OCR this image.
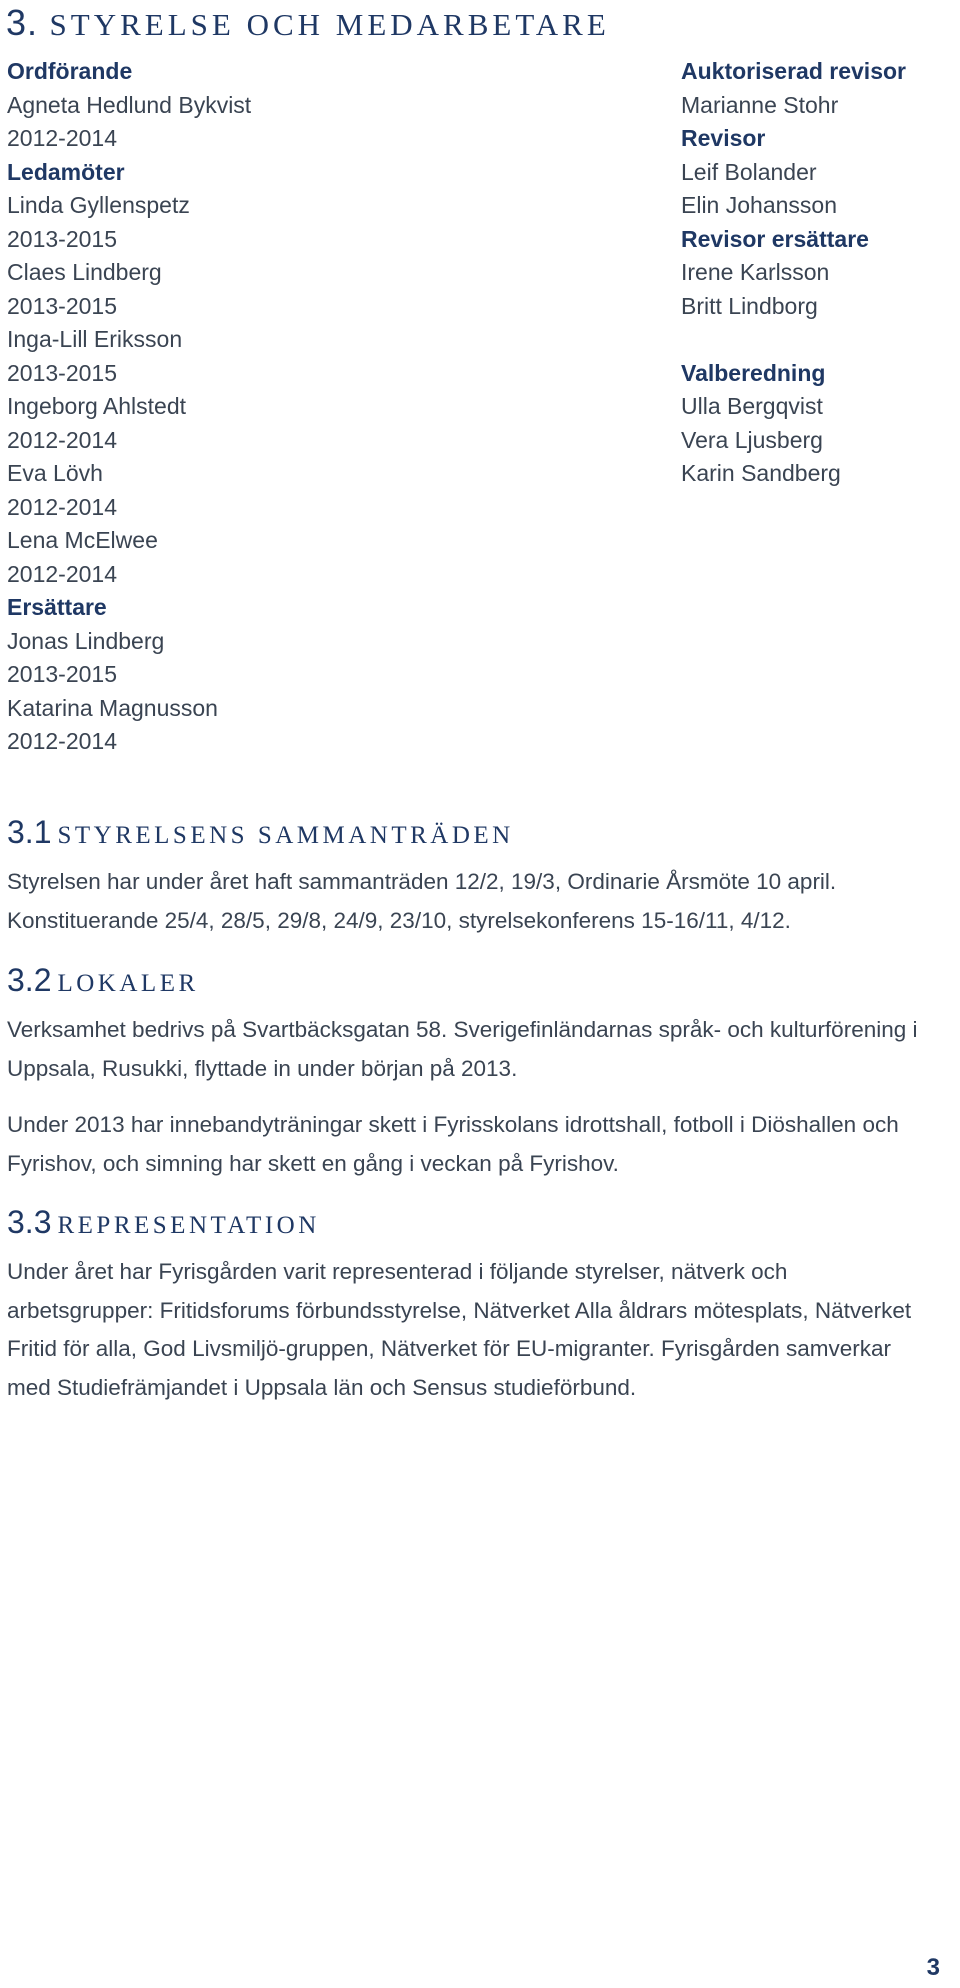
3. STYRELSE OCH MEDARBETARE
Ordförande
Agneta Hedlund Bykvist
2012-2014
Ledamöter
Linda Gyllenspetz
2013-2015
Claes Lindberg
2013-2015
Inga-Lill Eriksson
2013-2015
Ingeborg Ahlstedt
2012-2014
Eva Lövh
2012-2014
Lena McElwee
2012-2014
Ersättare
Jonas Lindberg
2013-2015
Katarina Magnusson
2012-2014
Auktoriserad revisor
Marianne Stohr
Revisor
Leif Bolander
Elin Johansson
Revisor ersättare
Irene Karlsson
Britt Lindborg
Valberedning
Ulla Bergqvist
Vera Ljusberg
Karin Sandberg
3.1 STYRELSENS SAMMANTRÄDEN

Styrelsen har under året haft sammanträden 12/2, 19/3, Ordinarie Årsmöte 10 april. Konstituerande 25/4, 28/5, 29/8, 24/9, 23/10, styrelsekonferens 15-16/11, 4/12.

3.2 LOKALER

Verksamhet bedrivs på Svartbäcksgatan 58. Sverigefinländarnas språk- och kulturförening i Uppsala, Rusukki, flyttade in under början på 2013.

Under 2013 har innebandyträningar skett i Fyrisskolans idrottshall, fotboll i Diöshallen och Fyrishov, och simning har skett en gång i veckan på Fyrishov.

3.3 REPRESENTATION

Under året har Fyrisgården varit representerad i följande styrelser, nätverk och arbetsgrupper: Fritidsforums förbundsstyrelse, Nätverket Alla åldrars mötesplats, Nätverket Fritid för alla, God Livsmiljö-gruppen, Nätverket för EU-migranter. Fyrisgården samverkar med Studiefrämjandet i Uppsala län och Sensus studieförbund.

3
